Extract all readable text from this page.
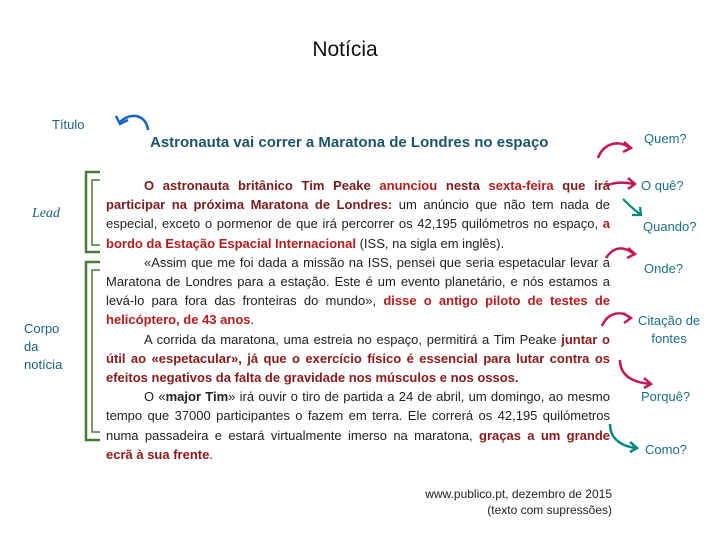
Notícia
Título
Lead
Corpo
da
notícia
Astronauta vai correr a Maratona de Londres no espaço

O astronauta britânico Tim Peake anunciou nesta sexta-feira que irá participar na próxima Maratona de Londres: um anúncio que não tem nada de especial, exceto o pormenor de que irá percorrer os 42,195 quilómetros no espaço, a bordo da Estação Espacial Internacional (ISS, na sigla em inglês).

«Assim que me foi dada a missão na ISS, pensei que seria espetacular levar a Maratona de Londres para a estação. Este é um evento planetário, e nós estamos a levá-lo para fora das fronteiras do mundo», disse o antigo piloto de testes de helicóptero, de 43 anos.

A corrida da maratona, uma estreia no espaço, permitirá a Tim Peake juntar o útil ao «espetacular», já que o exercício físico é essencial para lutar contra os efeitos negativos da falta de gravidade nos músculos e nos ossos.

O «major Tim» irá ouvir o tiro de partida a 24 de abril, um domingo, ao mesmo tempo que 37000 participantes o fazem em terra. Ele correrá os 42,195 quilómetros numa passadeira e estará virtualmente imerso na maratona, graças a um grande ecrã à sua frente.

www.publico.pt, dezembro de 2015
(texto com supressões)
Quem?
O quê?
Quando?
Onde?
Citação de
fontes
Porquê?
Como?
